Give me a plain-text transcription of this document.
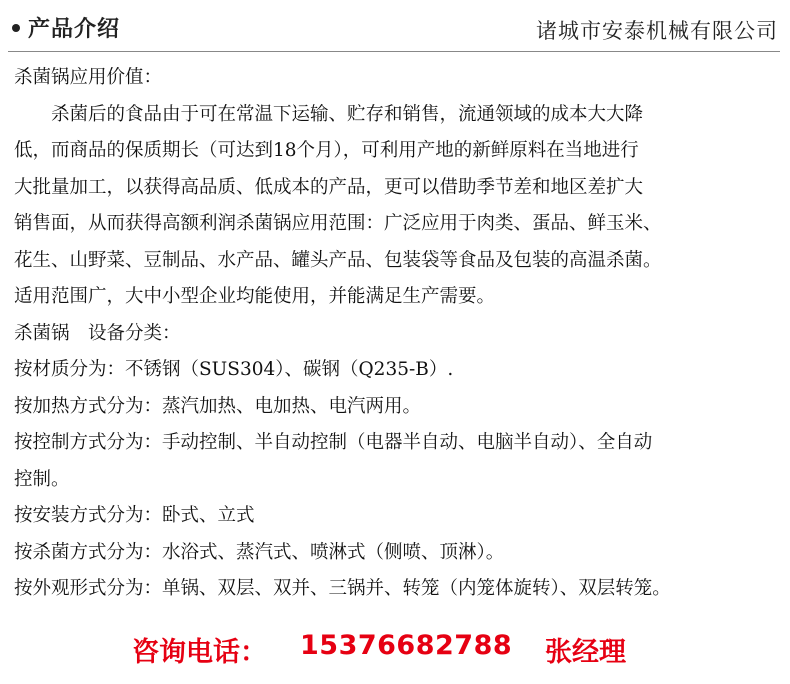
产品介绍	诸城市安泰机械有限公司

杀菌锅应用价值：

杀菌后的食品由于可在常温下运输、贮存和销售，流通领域的成本大大降

低，而商品的保质期长（可达到18个月），可利用产地的新鲜原料在当地进行

大批量加工，以获得高品质、低成本的产品，更可以借助季节差和地区差扩大

销售面，从而获得高额利润杀菌锅应用范围：广泛应用于肉类、蛋品、鲜玉米、

花生、山野菜、豆制品、水产品、罐头产品、包装袋等食品及包装的高温杀菌。

适用范围广，大中小型企业均能使用，并能满足生产需要。

杀菌锅　设备分类：

按材质分为：不锈钢（SUS304）、碳钢（Q235-B）.

按加热方式分为：蒸汽加热、电加热、电汽两用。

按控制方式分为：手动控制、半自动控制（电器半自动、电脑半自动）、全自动

控制。

按安装方式分为：卧式、立式

按杀菌方式分为：水浴式、蒸汽式、喷淋式（侧喷、顶淋）。

按外观形式分为：单锅、双层、双并、三锅并、转笼（内笼体旋转）、双层转笼。

咨询电话： 15376682788 张经理
